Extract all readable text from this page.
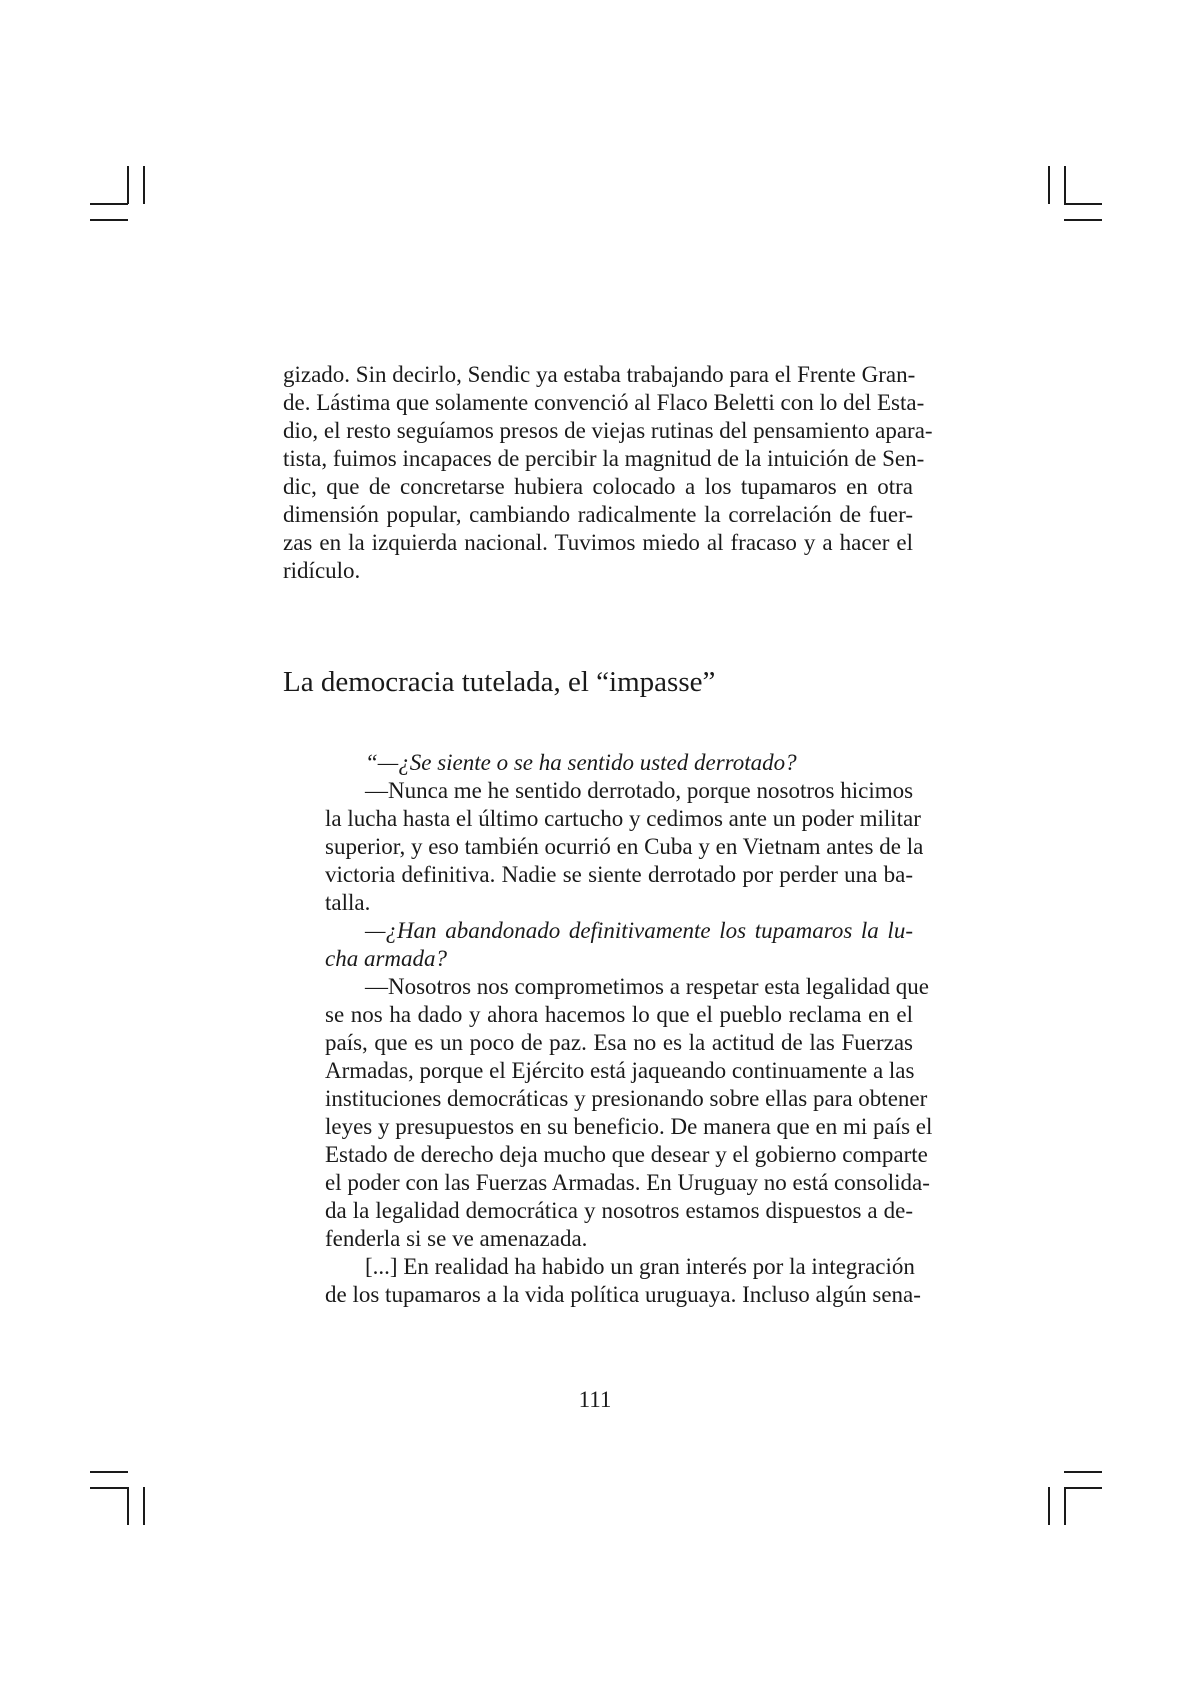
gizado. Sin decirlo, Sendic ya estaba trabajando para el Frente Gran-
de. Lástima que solamente convenció al Flaco Beletti con lo del Esta-
dio, el resto seguíamos presos de viejas rutinas del pensamiento apara-
tista, fuimos incapaces de percibir la magnitud de la intuición de Sen-
dic, que de concretarse hubiera colocado a los tupamaros en otra
dimensión popular, cambiando radicalmente la correlación de fuer-
zas en la izquierda nacional. Tuvimos miedo al fracaso y a hacer el
ridículo.
La democracia tutelada, el “impasse”
“—¿Se siente o se ha sentido usted derrotado?
—Nunca me he sentido derrotado, porque nosotros hicimos
la lucha hasta el último cartucho y cedimos ante un poder militar
superior, y eso también ocurrió en Cuba y en Vietnam antes de la
victoria definitiva. Nadie se siente derrotado por perder una ba-
talla.
—¿Han abandonado definitivamente los tupamaros la lu-
cha armada?
—Nosotros nos comprometimos a respetar esta legalidad que
se nos ha dado y ahora hacemos lo que el pueblo reclama en el
país, que es un poco de paz. Esa no es la actitud de las Fuerzas
Armadas, porque el Ejército está jaqueando continuamente a las
instituciones democráticas y presionando sobre ellas para obtener
leyes y presupuestos en su beneficio. De manera que en mi país el
Estado de derecho deja mucho que desear y el gobierno comparte
el poder con las Fuerzas Armadas. En Uruguay no está consolida-
da la legalidad democrática y nosotros estamos dispuestos a de-
fenderla si se ve amenazada.
[...] En realidad ha habido un gran interés por la integración
de los tupamaros a la vida política uruguaya. Incluso algún sena-
111
